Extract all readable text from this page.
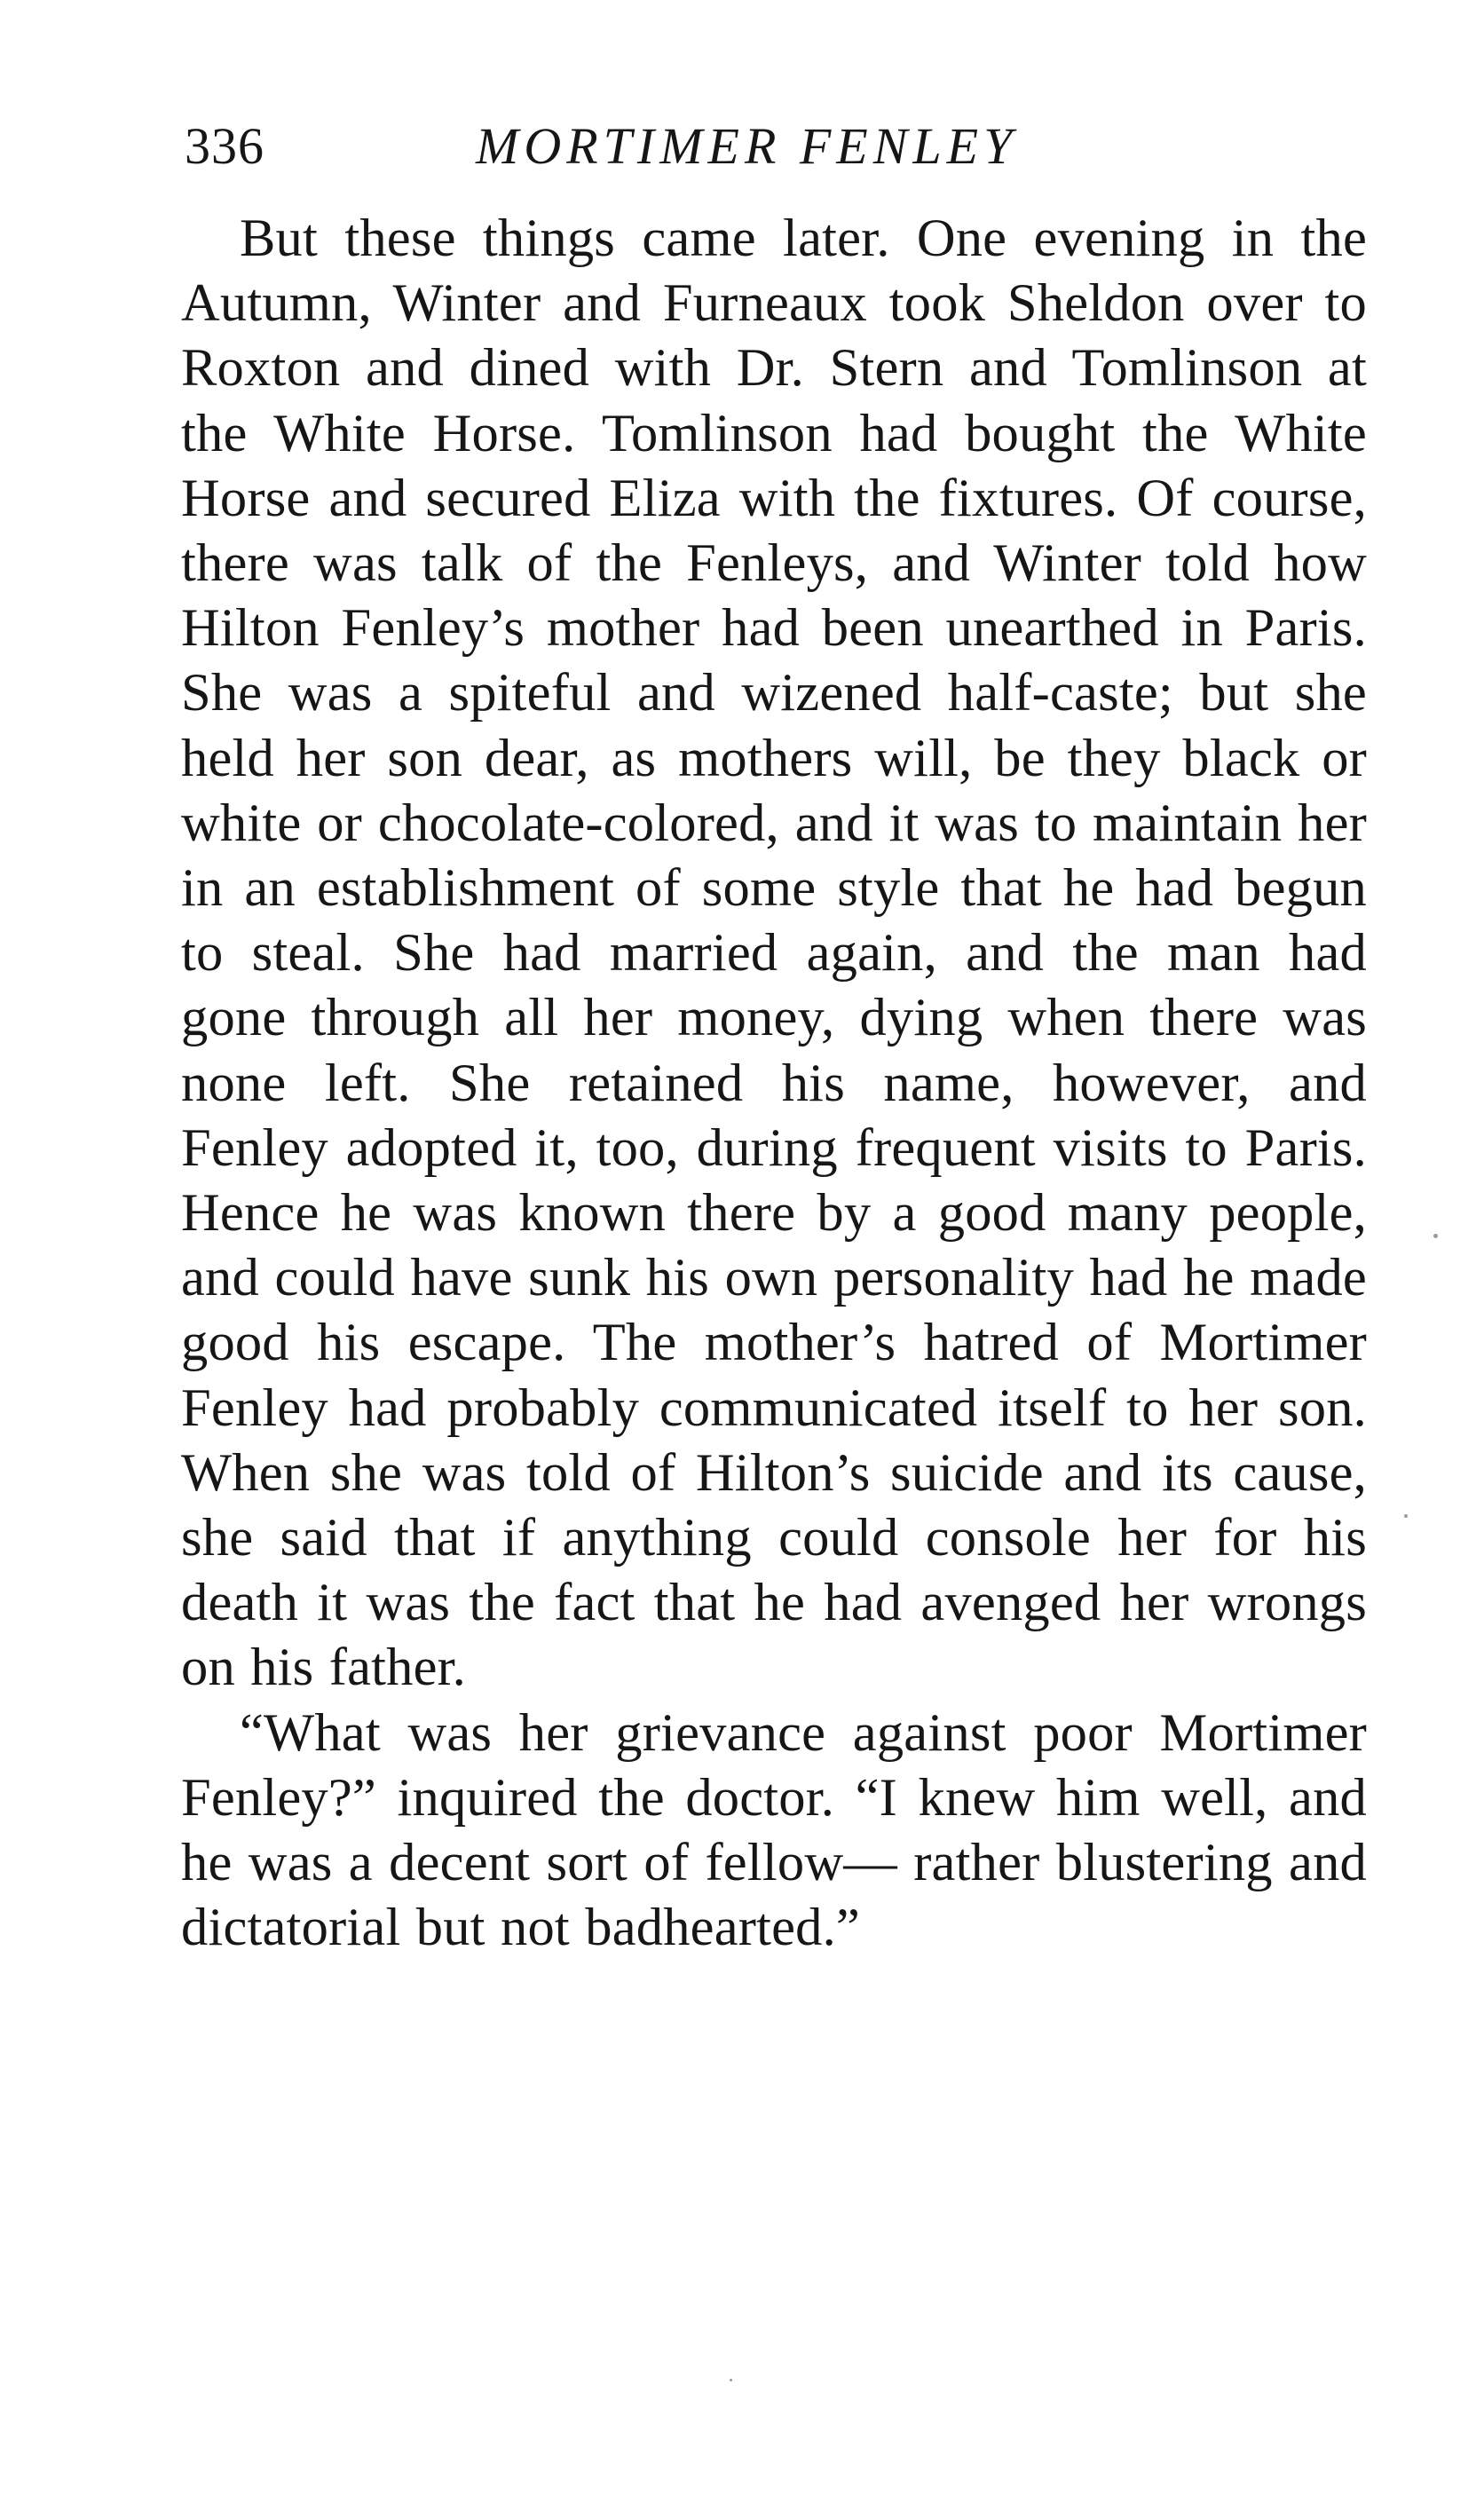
336	MORTIMER FENLEY

But these things came later. One evening in the Autumn, Winter and Furneaux took Sheldon over to Roxton and dined with Dr. Stern and Tomlinson at the White Horse. Tomlinson had bought the White Horse and secured Eliza with the fixtures. Of course, there was talk of the Fenleys, and Winter told how Hilton Fenley’s mother had been unearthed in Paris. She was a spiteful and wizened half-caste; but she held her son dear, as mothers will, be they black or white or chocolate-colored, and it was to maintain her in an establishment of some style that he had begun to steal. She had married again, and the man had gone through all her money, dying when there was none left. She retained his name, however, and Fenley adopted it, too, during frequent visits to Paris. Hence he was known there by a good many people, and could have sunk his own personality had he made good his escape. The mother’s hatred of Mortimer Fenley had probably communicated itself to her son. When she was told of Hilton’s suicide and its cause, she said that if anything could console her for his death it was the fact that he had avenged her wrongs on his father.

“What was her grievance against poor Mortimer Fenley?” inquired the doctor. “I knew him well, and he was a decent sort of fellow— rather blustering and dictatorial but not badhearted.”
